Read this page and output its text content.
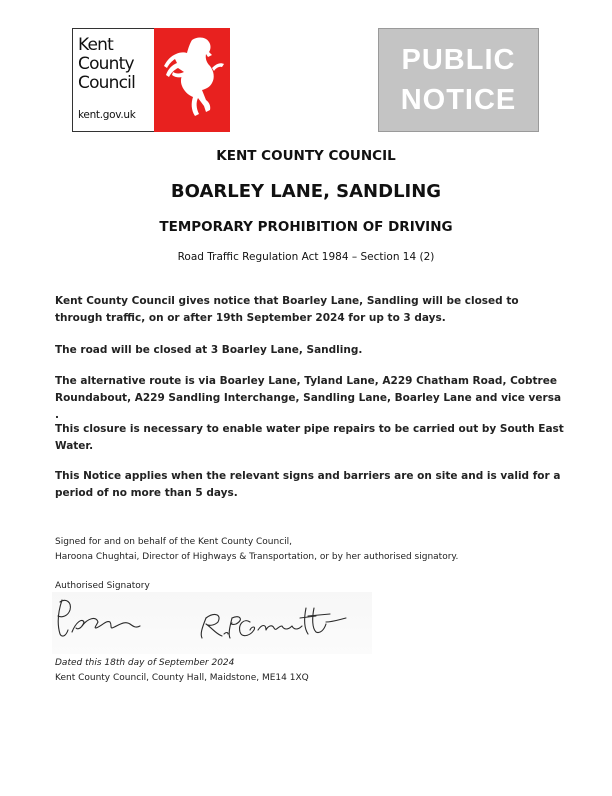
Kent
County
Council
kent.gov.uk
PUBLIC
NOTICE
KENT COUNTY COUNCIL
BOARLEY LANE, SANDLING
TEMPORARY PROHIBITION OF DRIVING
Road Traffic Regulation Act 1984 – Section 14 (2)
Kent County Council gives notice that Boarley Lane, Sandling will be closed to through traffic, on or after 19th September 2024 for up to 3 days.
The road will be closed at 3 Boarley Lane, Sandling.
The alternative route is via Boarley Lane, Tyland Lane, A229 Chatham Road, Cobtree Roundabout, A229 Sandling Interchange, Sandling Lane, Boarley Lane and vice versa .
This closure is necessary to enable water pipe repairs to be carried out by South East Water.
This Notice applies when the relevant signs and barriers are on site and is valid for a period of no more than 5 days.
Signed for and on behalf of the Kent County Council,
Haroona Chughtai, Director of Highways & Transportation, or by her authorised signatory.
Authorised Signatory
Dated this 18th day of September 2024
Kent County Council, County Hall, Maidstone, ME14 1XQ
